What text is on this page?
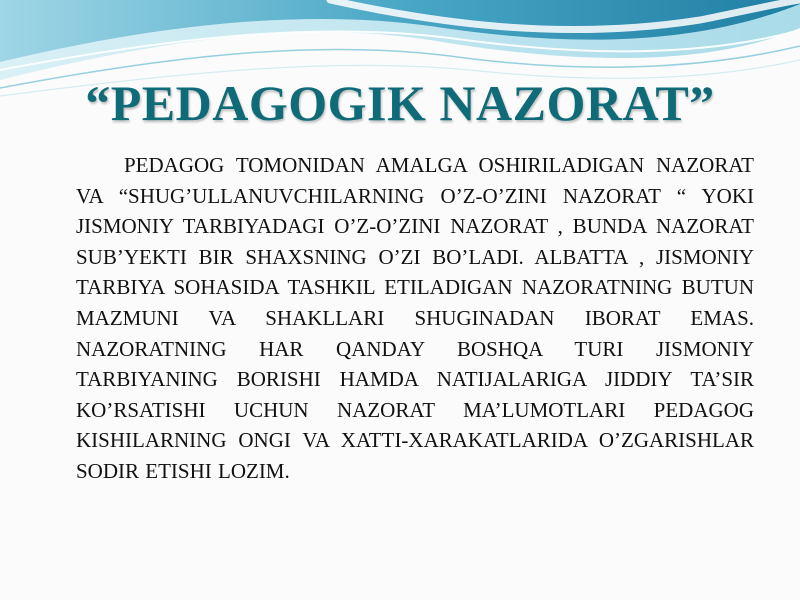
“PEDAGOGIK NAZORAT”

PEDAGOG TOMONIDAN AMALGA OSHIRILADIGAN NAZORAT VA “SHUG’ULLANUVCHILARNING O’Z-O’ZINI NAZORAT “ YOKI JISMONIY TARBIYADAGI O’Z-O’ZINI NAZORAT , BUNDA NAZORAT SUB’YEKTI BIR SHAXSNING O’ZI BO’LADI. ALBATTA , JISMONIY TARBIYA SOHASIDA TASHKIL ETILADIGAN NAZORATNING BUTUN MAZMUNI VA SHAKLLARI SHUGINADAN IBORAT EMAS. NAZORATNING HAR QANDAY BOSHQA TURI JISMONIY TARBIYANING BORISHI HAMDA NATIJALARIGA JIDDIY TA’SIR KO’RSATISHI UCHUN NAZORAT MA’LUMOTLARI PEDAGOG KISHILARNING ONGI VA XATTI-XARAKATLARIDA O’ZGARISHLAR SODIR ETISHI LOZIM.
